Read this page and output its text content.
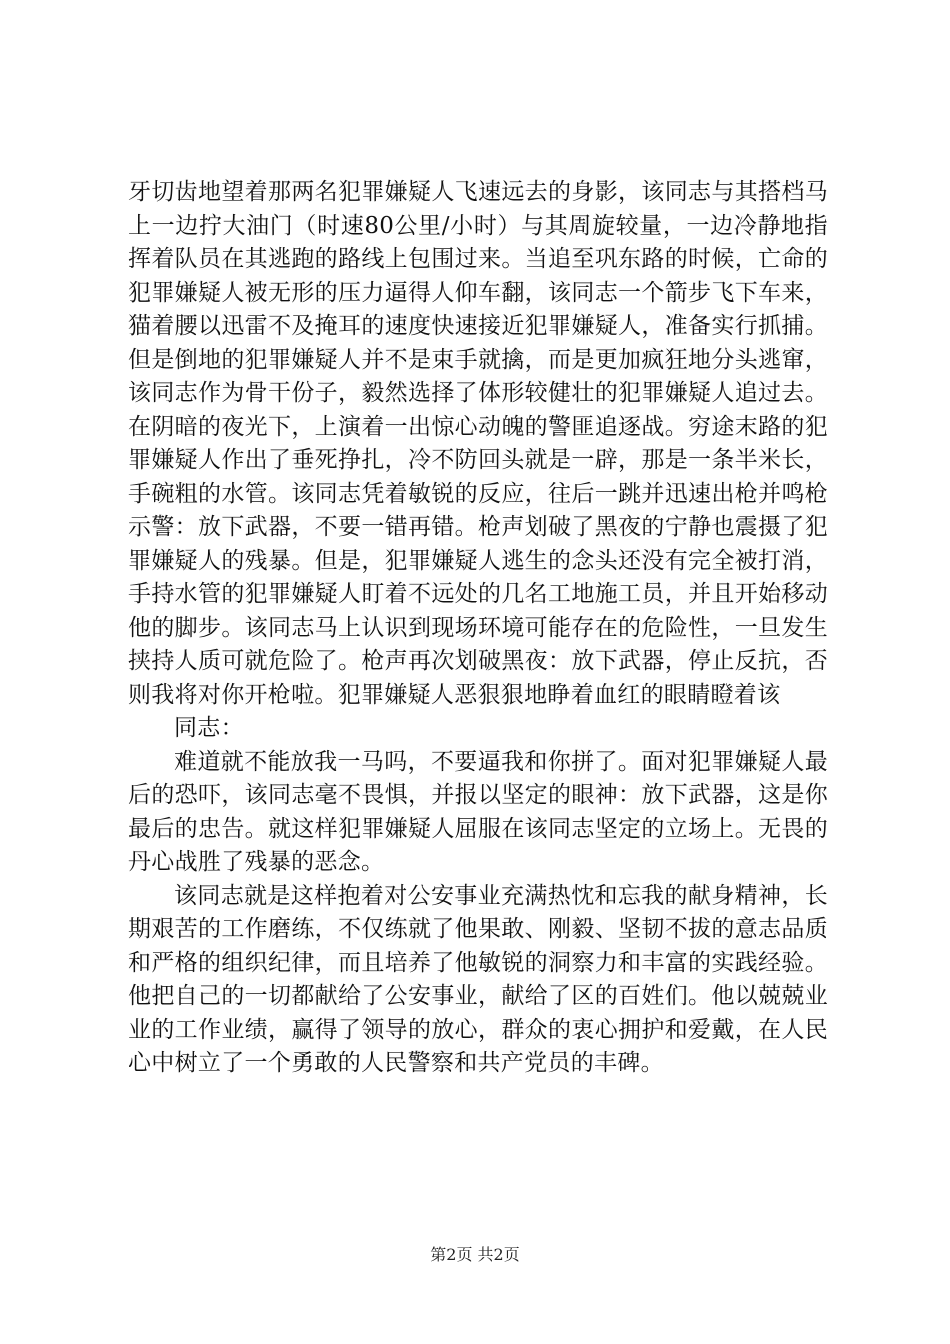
牙切齿地望着那两名犯罪嫌疑人飞速远去的身影，该同志与其搭档马上一边拧大油门（时速80公里/小时）与其周旋较量，一边冷静地指挥着队员在其逃跑的路线上包围过来。当追至巩东路的时候，亡命的犯罪嫌疑人被无形的压力逼得人仰车翻，该同志一个箭步飞下车来，猫着腰以迅雷不及掩耳的速度快速接近犯罪嫌疑人，准备实行抓捕。但是倒地的犯罪嫌疑人并不是束手就擒，而是更加疯狂地分头逃窜，该同志作为骨干份子，毅然选择了体形较健壮的犯罪嫌疑人追过去。在阴暗的夜光下，上演着一出惊心动魄的警匪追逐战。穷途末路的犯罪嫌疑人作出了垂死挣扎，冷不防回头就是一辟，那是一条半米长，手碗粗的水管。该同志凭着敏锐的反应，往后一跳并迅速出枪并鸣枪示警：放下武器，不要一错再错。枪声划破了黑夜的宁静也震摄了犯罪嫌疑人的残暴。但是，犯罪嫌疑人逃生的念头还没有完全被打消，手持水管的犯罪嫌疑人盯着不远处的几名工地施工员，并且开始移动他的脚步。该同志马上认识到现场环境可能存在的危险性，一旦发生挟持人质可就危险了。枪声再次划破黑夜：放下武器，停止反抗，否则我将对你开枪啦。犯罪嫌疑人恶狠狠地睁着血红的眼睛瞪着该

同志：

难道就不能放我一马吗，不要逼我和你拼了。面对犯罪嫌疑人最后的恐吓，该同志毫不畏惧，并报以坚定的眼神：放下武器，这是你最后的忠告。就这样犯罪嫌疑人屈服在该同志坚定的立场上。无畏的丹心战胜了残暴的恶念。

该同志就是这样抱着对公安事业充满热忱和忘我的献身精神，长期艰苦的工作磨练，不仅练就了他果敢、刚毅、坚韧不拔的意志品质和严格的组织纪律，而且培养了他敏锐的洞察力和丰富的实践经验。他把自己的一切都献给了公安事业，献给了区的百姓们。他以兢兢业业的工作业绩，赢得了领导的放心，群众的衷心拥护和爱戴，在人民心中树立了一个勇敢的人民警察和共产党员的丰碑。

第2页 共2页
